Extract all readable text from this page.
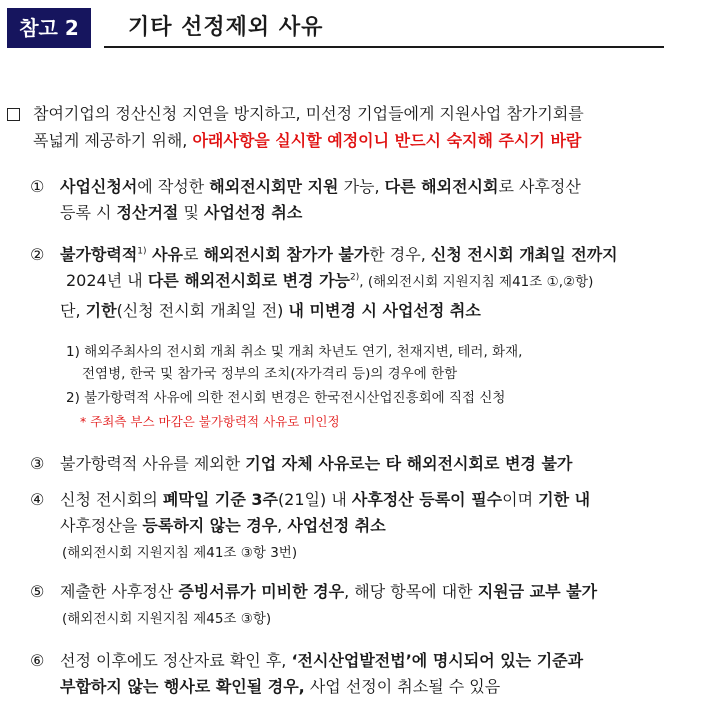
참고 2	기타 선정제외 사유
참여기업의 정산신청 지연을 방지하고, 미선정 기업들에게 지원사업 참가기회를
폭넓게 제공하기 위해, 아래사항을 실시할 예정이니 반드시 숙지해 주시기 바람
① 사업신청서에 작성한 해외전시회만 지원 가능, 다른 해외전시회로 사후정산
등록 시 정산거절 및 사업선정 취소
② 불가항력적$^{1)}$ 사유로 해외전시회 참가가 불가한 경우, 신청 전시회 개최일 전까지
2024년 내 다른 해외전시회로 변경 가능$^{2)}$, (해외전시회 지원지침 제41조 ①,②항)
단, 기한(신청 전시회 개최일 전) 내 미변경 시 사업선정 취소
1) 해외주최사의 전시회 개최 취소 및 개최 차년도 연기, 천재지변, 테러, 화재,
전염병, 한국 및 참가국 정부의 조치(자가격리 등)의 경우에 한함
2) 불가항력적 사유에 의한 전시회 변경은 한국전시산업진흥회에 직접 신청
* 주최측 부스 마감은 불가항력적 사유로 미인정
③ 불가항력적 사유를 제외한 기업 자체 사유로는 타 해외전시회로 변경 불가
④ 신청 전시회의 폐막일 기준 3주(21일) 내 사후정산 등록이 필수이며 기한 내
사후정산을 등록하지 않는 경우, 사업선정 취소
(해외전시회 지원지침 제41조 ③항 3번)
⑤ 제출한 사후정산 증빙서류가 미비한 경우, 해당 항목에 대한 지원금 교부 불가
(해외전시회 지원지침 제45조 ③항)
⑥ 선정 이후에도 정산자료 확인 후, ‘전시산업발전법’에 명시되어 있는 기준과
부합하지 않는 행사로 확인될 경우, 사업 선정이 취소될 수 있음
